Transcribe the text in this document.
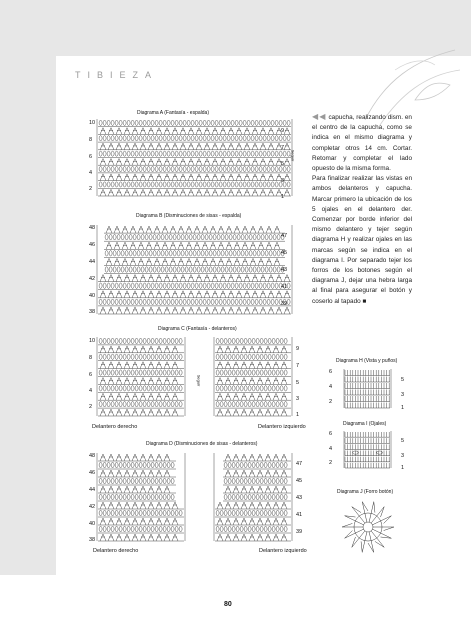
TIBIEZA
Diagrama A (Fantasía - espalda)
10
8
6
4
2
9
7
5
3
1
Seguir
Diagrama B (Disminuciones de sisas - espalda)
48
46
44
42
40
38
47
45
43
41
39

◀◀ capucha, realizando dism. en el centro de la capucha, como se indica en el mismo diagrama y completar otros 14 cm. Cortar. Retomar y completar el lado opuesto de la misma forma.

Para finalizar realizar las vistas en ambos delanteros y capucha. Marcar primero la ubicación de los 5 ojales en el delantero der. Comenzar por borde inferior del mismo delantero y tejer según diagrama H y realizar ojales en las marcas según se indica en el diagrama I. Por separado tejer los forros de los botones según el diagrama J, dejar una hebra larga al final para asegurar el botón y coserlo al tapado ■

Diagrama C (Fantasía - delanteros)
10
8
6
4
2
9
7
5
3
1
Seguir
Delantero derecho	Delantero izquierdo
Diagrama D (Disminuciones de sisas - delanteros)
48
46
44
42
40
38
47
45
43
41
39
Delantero derecho	Delantero izquierdo
Diagrama H (Vista y puños)
6
4
2
5
3
1
Diagrama I (Ojales)
6
4
2
5
3
1
Diagrama J (Forro botón)
80
